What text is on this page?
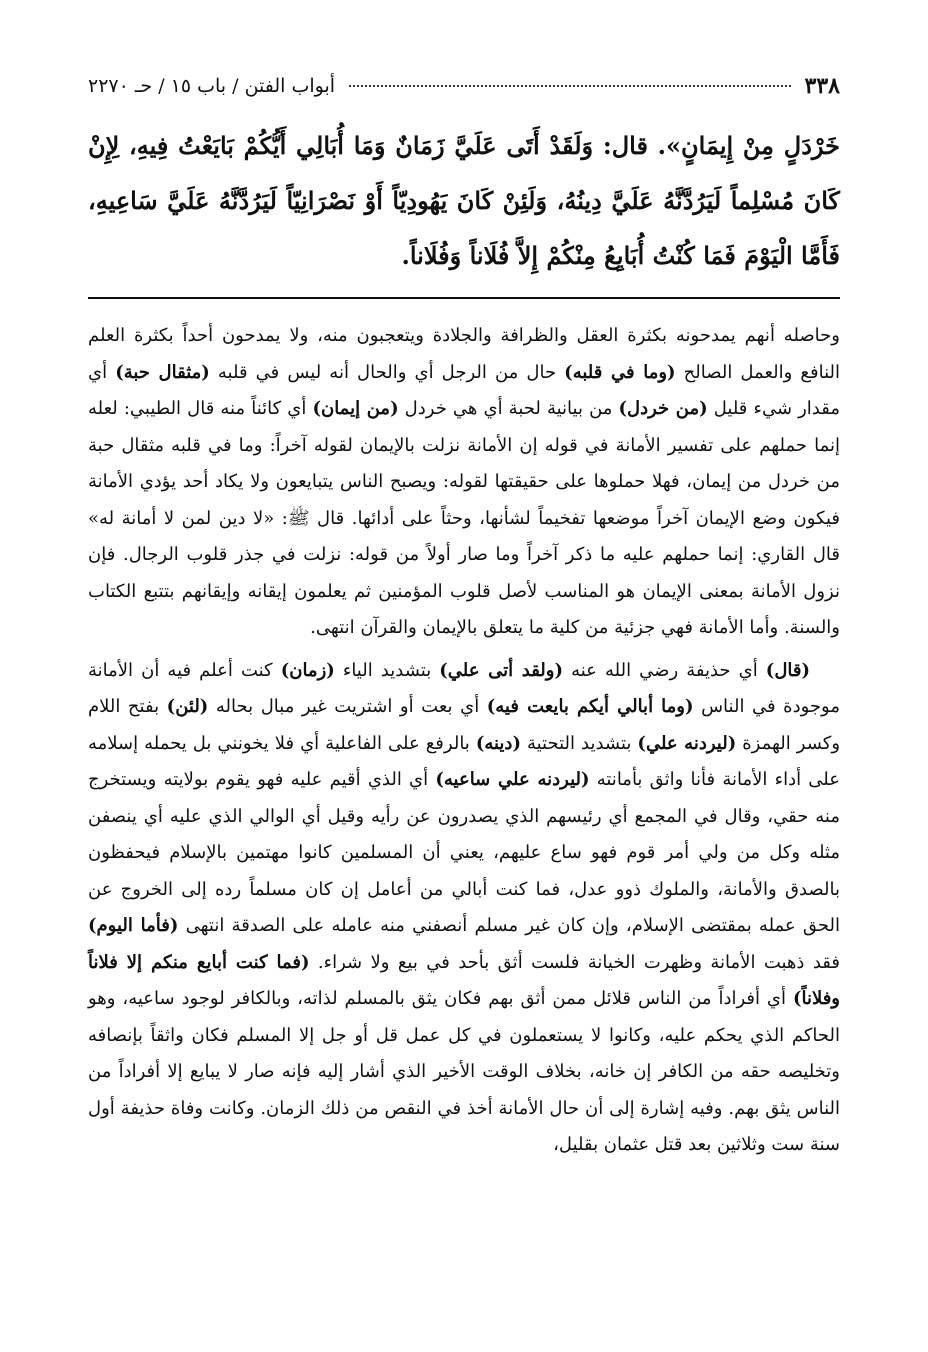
٣٣٨
أبواب الفتن / باب ١٥ / حـ ٢٢٧٠
خَرْدَلٍ مِنْ إِيمَانٍ». قال: وَلَقَدْ أَتَى عَلَيَّ زَمَانٌ وَمَا أُبَالِي أَيُّكُمْ بَايَعْتُ فِيهِ، لِإِنْ كَانَ مُسْلِماً لَيَرُدَّنَّهُ عَلَيَّ دِينُهُ، وَلَئِنْ كَانَ يَهُودِيّاً أَوْ نَصْرَانِيّاً لَيَرُدَّنَّهُ عَلَيَّ سَاعِيهِ، فَأَمَّا الْيَوْمَ فَمَا كُنْتُ أُبَايِعُ مِنْكُمْ إِلاَّ فُلَاناً وَفُلَاناً.

وحاصله أنهم يمدحونه بكثرة العقل والظرافة والجلادة ويتعجبون منه، ولا يمدحون أحداً بكثرة العلم النافع والعمل الصالح (وما في قلبه) حال من الرجل أي والحال أنه ليس في قلبه (مثقال حبة) أي مقدار شيء قليل (من خردل) من بيانية لحبة أي هي خردل (من إيمان) أي كائناً منه قال الطيبي: لعله إنما حملهم على تفسير الأمانة في قوله إن الأمانة نزلت بالإيمان لقوله آخراً: وما في قلبه مثقال حبة من خردل من إيمان، فهلا حملوها على حقيقتها لقوله: ويصبح الناس يتبايعون ولا يكاد أحد يؤدي الأمانة فيكون وضع الإيمان آخراً موضعها تفخيماً لشأنها، وحثاً على أدائها. قال ﷺ: «لا دين لمن لا أمانة له» قال القاري: إنما حملهم عليه ما ذكر آخراً وما صار أولاً من قوله: نزلت في جذر قلوب الرجال. فإن نزول الأمانة بمعنى الإيمان هو المناسب لأصل قلوب المؤمنين ثم يعلمون إيقانه وإيقانهم بتتبع الكتاب والسنة. وأما الأمانة فهي جزئية من كلية ما يتعلق بالإيمان والقرآن انتهى.

(قال) أي حذيفة رضي الله عنه (ولقد أتى علي) بتشديد الياء (زمان) كنت أعلم فيه أن الأمانة موجودة في الناس (وما أبالي أيكم بايعت فيه) أي بعت أو اشتريت غير مبال بحاله (لئن) بفتح اللام وكسر الهمزة (ليردنه علي) بتشديد التحتية (دينه) بالرفع على الفاعلية أي فلا يخونني بل يحمله إسلامه على أداء الأمانة فأنا واثق بأمانته (ليردنه علي ساعيه) أي الذي أقيم عليه فهو يقوم بولايته ويستخرج منه حقي، وقال في المجمع أي رئيسهم الذي يصدرون عن رأيه وقيل أي الوالي الذي عليه أي ينصفن مثله وكل من ولي أمر قوم فهو ساع عليهم، يعني أن المسلمين كانوا مهتمين بالإسلام فيحفظون بالصدق والأمانة، والملوك ذوو عدل، فما كنت أبالي من أعامل إن كان مسلماً رده إلى الخروج عن الحق عمله بمقتضى الإسلام، وإن كان غير مسلم أنصفني منه عامله على الصدقة انتهى (فأما اليوم) فقد ذهبت الأمانة وظهرت الخيانة فلست أثق بأحد في بيع ولا شراء. (فما كنت أبايع منكم إلا فلاناً وفلاناً) أي أفراداً من الناس قلائل ممن أثق بهم فكان يثق بالمسلم لذاته، وبالكافر لوجود ساعيه، وهو الحاكم الذي يحكم عليه، وكانوا لا يستعملون في كل عمل قل أو جل إلا المسلم فكان واثقاً بإنصافه وتخليصه حقه من الكافر إن خانه، بخلاف الوقت الأخير الذي أشار إليه فإنه صار لا يبايع إلا أفراداً من الناس يثق بهم. وفيه إشارة إلى أن حال الأمانة أخذ في النقص من ذلك الزمان. وكانت وفاة حذيفة أول سنة ست وثلاثين بعد قتل عثمان بقليل،
